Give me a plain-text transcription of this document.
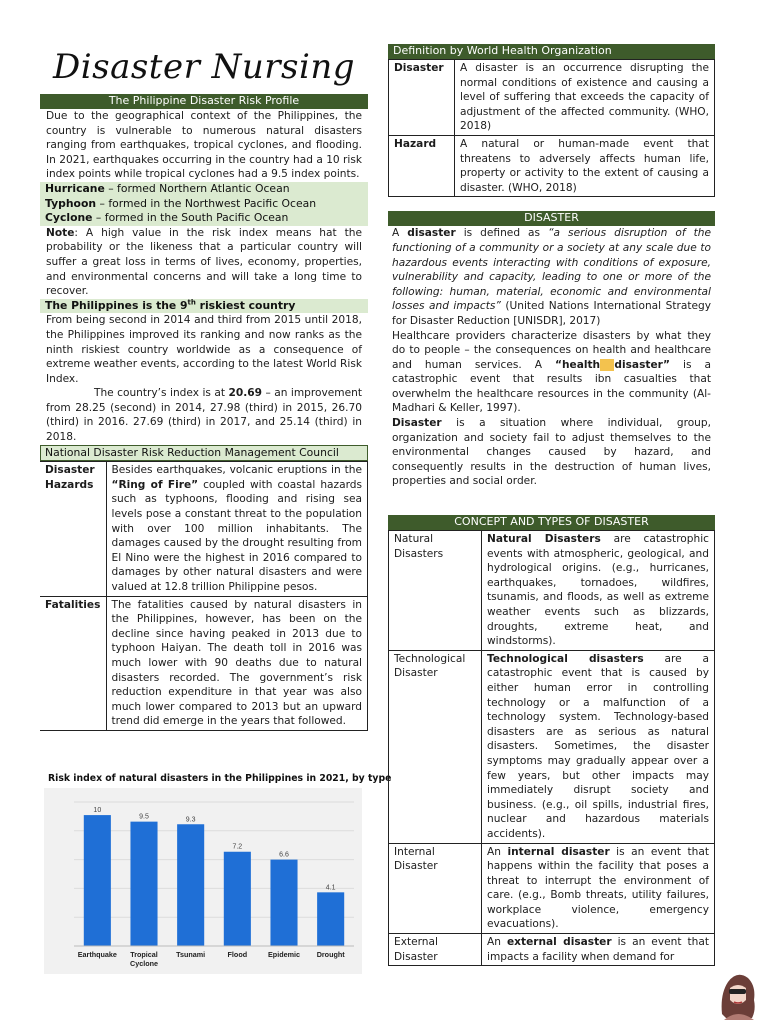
Disaster Nursing
The Philippine Disaster Risk Profile

Due to the geographical context of the Philippines, the country is vulnerable to numerous natural disasters ranging from earthquakes, tropical cyclones, and flooding. In 2021, earthquakes occurring in the country had a 10 risk index points while tropical cyclones had a 9.5 index points.

Hurricane – formed Northern Atlantic Ocean
Typhoon – formed in the Northwest Pacific Ocean
Cyclone – formed in the South Pacific Ocean

Note: A high value in the risk index means hat the probability or the likeness that a particular country will suffer a great loss in terms of lives, economy, properties, and environmental concerns and will take a long time to recover.

The Philippines is the 9th riskiest country

From being second in 2014 and third from 2015 until 2018, the Philippines improved its ranking and now ranks as the ninth riskiest country worldwide as a consequence of extreme weather events, according to the latest World Risk Index.

The country’s index is at 20.69 – an improvement from 28.25 (second) in 2014, 27.98 (third) in 2015, 26.70 (third) in 2016. 27.69 (third) in 2017, and 25.14 (third) in 2018.

National Disaster Risk Reduction Management Council
Disaster
Hazards	Besides earthquakes, volcanic eruptions in the “Ring of Fire” coupled with coastal hazards such as typhoons, flooding and rising sea levels pose a constant threat to the population with over 100 million inhabitants. The damages caused by the drought resulting from El Nino were the highest in 2016 compared to damages by other natural disasters and were valued at 12.8 trillion Philippine pesos.
Fatalities	The fatalities caused by natural disasters in the Philippines, however, has been on the decline since having peaked in 2013 due to typhoon Haiyan. The death toll in 2016 was much lower with 90 deaths due to natural disasters recorded. The government’s risk reduction expenditure in that year was also much lower compared to 2013 but an upward trend did emerge in the years that followed.
Risk index of natural disasters in the Philippines in 2021, by type
10
Earthquake
9.5
Tropical
Cyclone
9.3
Tsunami
7.2
Flood
6.6
Epidemic
4.1
Drought
Definition by World Health Organization
Disaster	A disaster is an occurrence disrupting the normal conditions of existence and causing a level of suffering that exceeds the capacity of adjustment of the affected community. (WHO, 2018)
Hazard	A natural or human-made event that threatens to adversely affects human life, property or activity to the extent of causing a disaster. (WHO, 2018)
DISASTER

A disaster is defined as “a serious disruption of the functioning of a community or a society at any scale due to hazardous events interacting with conditions of exposure, vulnerability and capacity, leading to one or more of the following: human, material, economic and environmental losses and impacts” (United Nations International Strategy for Disaster Reduction [UNISDR], 2017)

Healthcare providers characterize disasters by what they do to people – the consequences on health and healthcare and human services. A “health disaster” is a catastrophic event that results ibn casualties that overwhelm the healthcare resources in the community (Al-Madhari & Keller, 1997).

Disaster is a situation where individual, group, organization and society fail to adjust themselves to the environmental changes caused by hazard, and consequently results in the destruction of human lives, properties and social order.

CONCEPT AND TYPES OF DISASTER
Natural
Disasters	Natural Disasters are catastrophic events with atmospheric, geological, and hydrological origins. (e.g., hurricanes, earthquakes, tornadoes, wildfires, tsunamis, and floods, as well as extreme weather events such as blizzards, droughts, extreme heat, and windstorms).
Technological
Disaster	Technological disasters are a catastrophic event that is caused by either human error in controlling technology or a malfunction of a technology system. Technology-based disasters are as serious as natural disasters. Sometimes, the disaster symptoms may gradually appear over a few years, but other impacts may immediately disrupt society and business. (e.g., oil spills, industrial fires, nuclear and hazardous materials accidents).
Internal
Disaster	An internal disaster is an event that happens within the facility that poses a threat to interrupt the environment of care. (e.g., Bomb threats, utility failures, workplace violence, emergency evacuations).
External
Disaster	An external disaster is an event that impacts a facility when demand for
